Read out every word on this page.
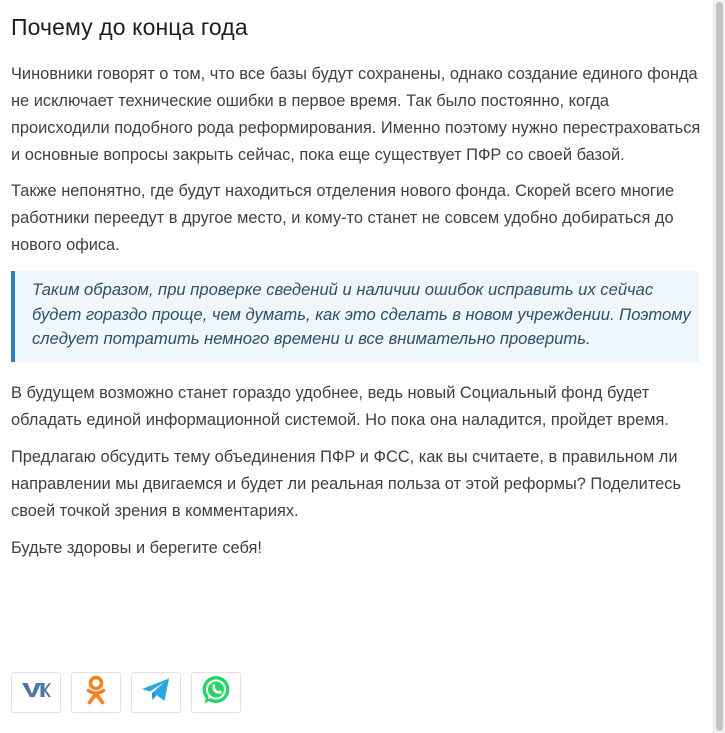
Почему до конца года

Чиновники говорят о том, что все базы будут сохранены, однако создание единого фонда не исключает технические ошибки в первое время. Так было постоянно, когда происходили подобного рода реформирования. Именно поэтому нужно перестраховаться и основные вопросы закрыть сейчас, пока еще существует ПФР со своей базой.

Также непонятно, где будут находиться отделения нового фонда. Скорей всего многие работники переедут в другое место, и кому-то станет не совсем удобно добираться до нового офиса.

Таким образом, при проверке сведений и наличии ошибок исправить их сейчас будет гораздо проще, чем думать, как это сделать в новом учреждении. Поэтому следует потратить немного времени и все внимательно проверить.

В будущем возможно станет гораздо удобнее, ведь новый Социальный фонд будет обладать единой информационной системой. Но пока она наладится, пройдет время.

Предлагаю обсудить тему объединения ПФР и ФСС, как вы считаете, в правильном ли направлении мы двигаемся и будет ли реальная польза от этой реформы? Поделитесь своей точкой зрения в комментариях.

Будьте здоровы и берегите себя!
